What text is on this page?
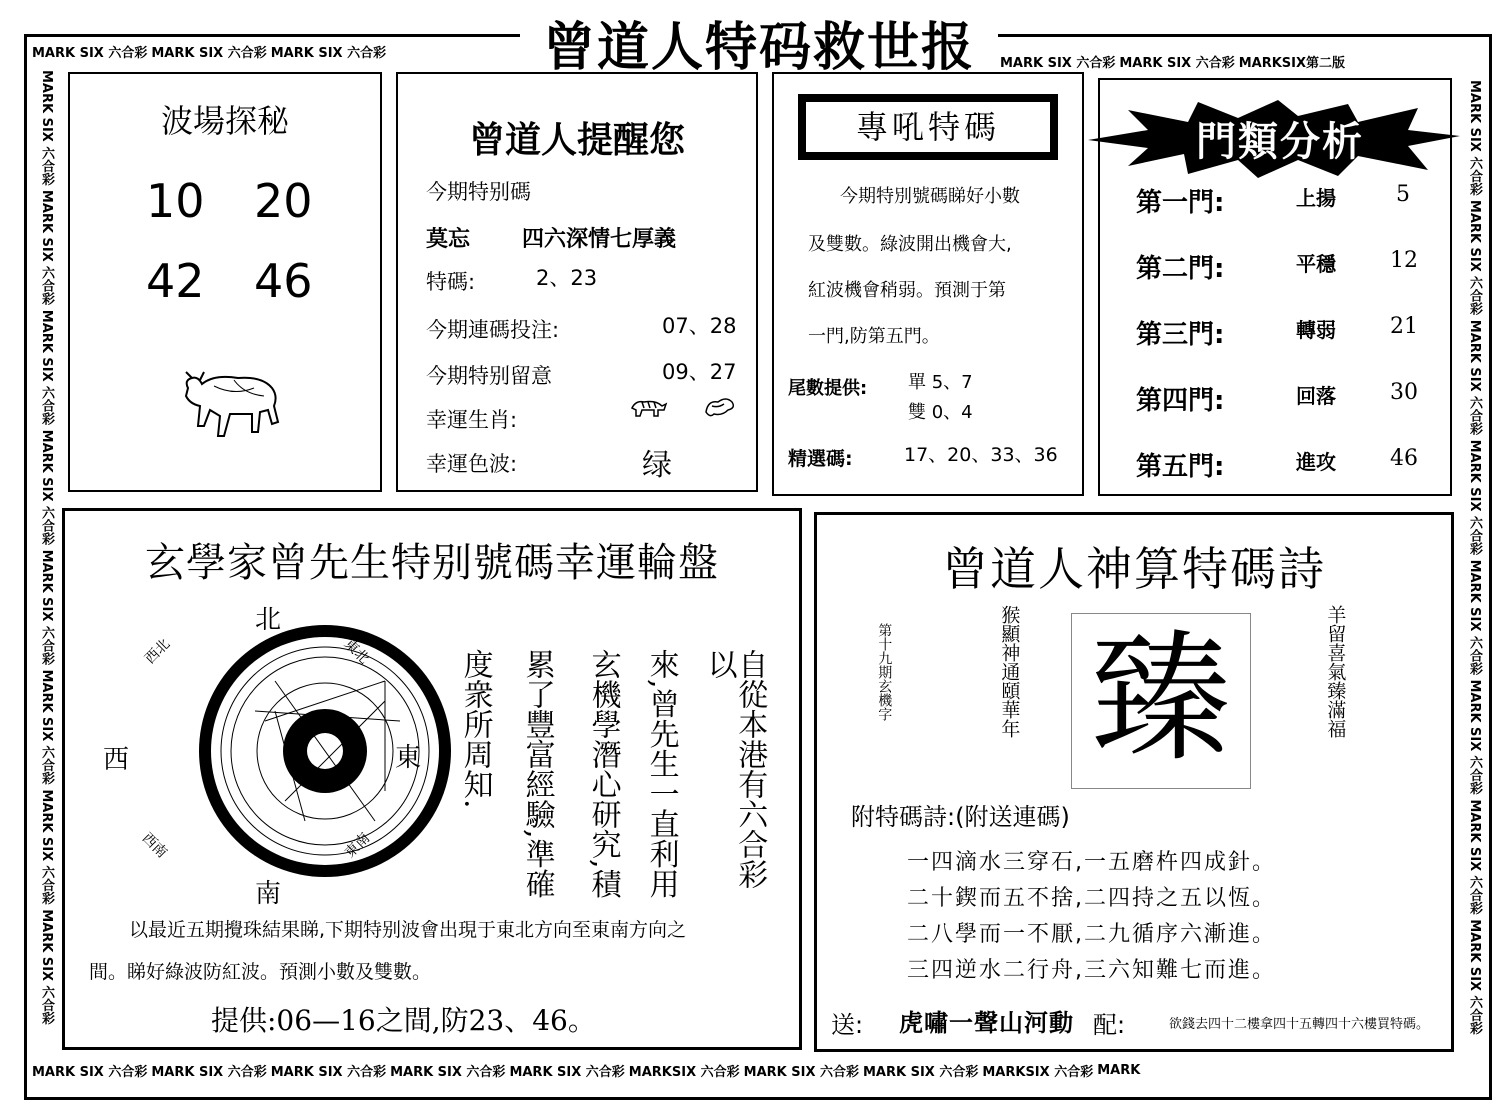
MARK SIX 六合彩 MARK SIX 六合彩 MARK SIX 六合彩
MARK SIX 六合彩 MARK SIX 六合彩 MARKSIX第二版
MARK SIX 六合彩 MARK SIX 六合彩 MARK SIX 六合彩 MARK SIX 六合彩 MARK SIX 六合彩 MARKSIX 六合彩 MARK SIX 六合彩 MARK SIX 六合彩 MARKSIX 六合彩 MARK
MARK SIX 六合彩 MARK SIX 六合彩 MARK SIX 六合彩 MARK SIX 六合彩 MARK SIX 六合彩 MARK SIX 六合彩 MARK SIX 六合彩 MARK SIX 六合彩
MARK SIX 六合彩 MARK SIX 六合彩 MARK SIX 六合彩 MARK SIX 六合彩 MARK SIX 六合彩 MARK SIX 六合彩 MARK SIX 六合彩 MARK SIX 六合彩
曾道人特码救世报
波場探秘
10 20
42 46
曾道人提醒您
今期特别碼
莫忘 四六深情七厚義
特碼:	2、23
今期連碼投注:	07、28
今期特别留意	09、27
幸運生肖:
幸運色波:	绿
專吼特碼
今期特別號碼睇好小數
及雙數。綠波開出機會大,
紅波機會稍弱。預測于第
一門,防第五門。
尾數提供: 單 5、7
雙 0、4
精選碼:	17、20、33、36
門類分析
第一門:	上揚	5
第二門:	平穩 12
第三門:	轉弱 21
第四門:	回落 30
第五門:	進攻 46
玄學家曾先生特别號碼幸運輪盤
北
南
東
西
西北	東北
西南	東南	自從本港有六合彩以
來,曾先生一直利用
玄機學潛心研究,積
累了豐富經驗,準確
度衆所周知.
以最近五期攪珠結果睇,下期特别波會出現于東北方向至東南方向之
間。睇好綠波防紅波。預測小數及雙數。
提供:06—16之間,防23、46。
曾道人神算特碼詩
第十九期玄機字	猴顯神通頤華年 臻	羊留喜氣臻滿福
附特碼詩:(附送連碼)
一四滴水三穿石,一五磨杵四成針。
二十鍥而五不捨,二四持之五以恆。
二八學而一不厭,二九循序六漸進。
三四逆水二行舟,三六知難七而進。
送: 虎嘯一聲山河動 配:	欲錢去四十二樓拿四十五轉四十六樓買特碼。
